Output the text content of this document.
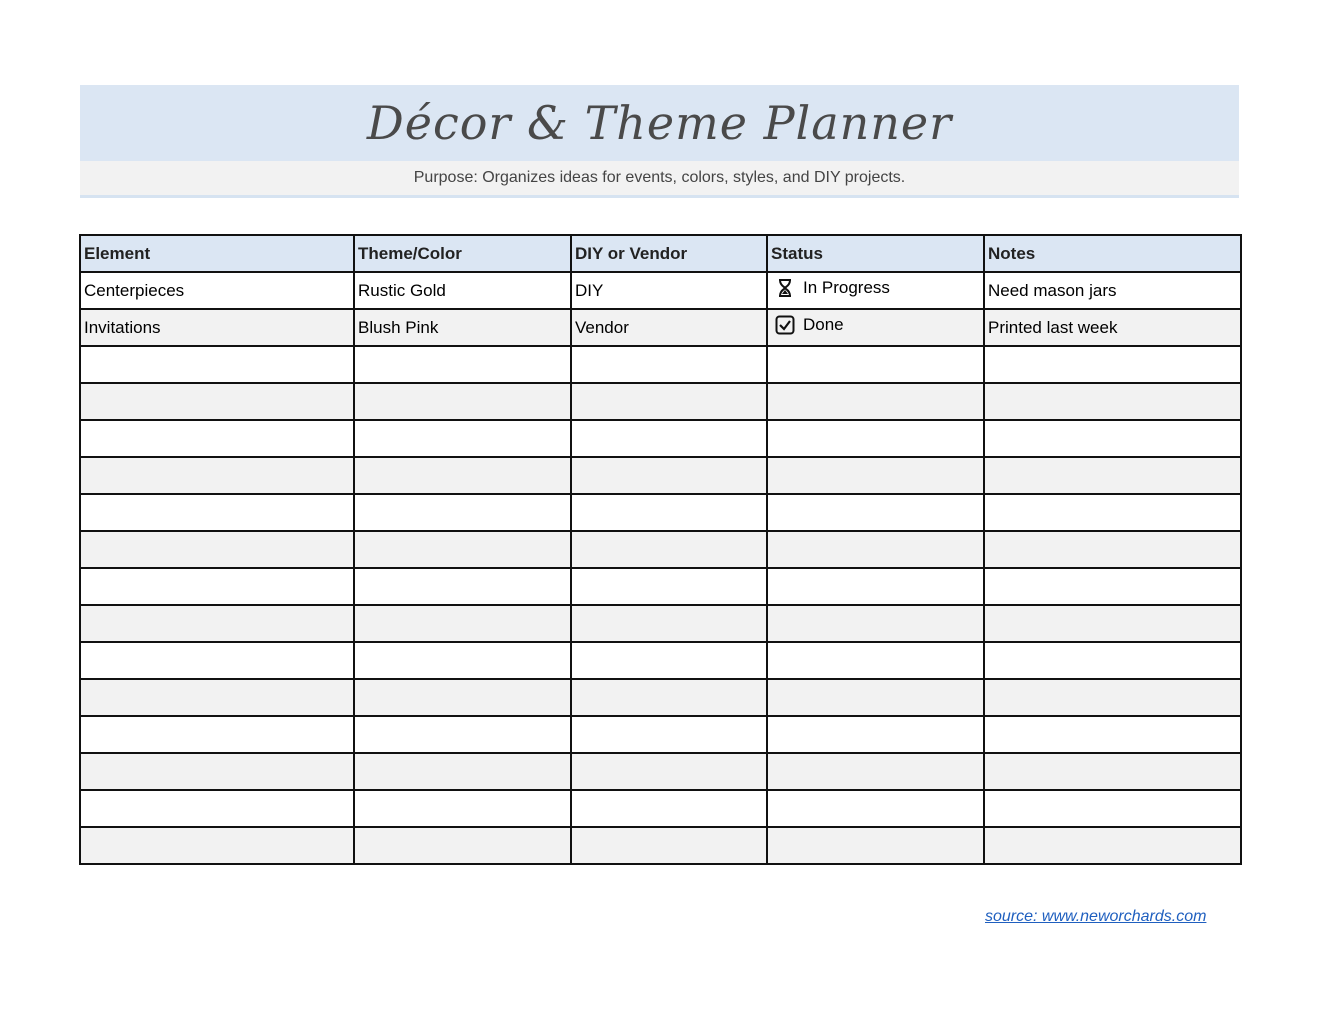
Décor & Theme Planner
Purpose: Organizes ideas for events, colors, styles, and DIY projects.
Element	Theme/Color	DIY or Vendor	Status	Notes
Centerpieces	Rustic Gold	DIY	In Progress	Need mason jars
Invitations	Blush Pink	Vendor	Done	Printed last week

source: www.neworchards.com
